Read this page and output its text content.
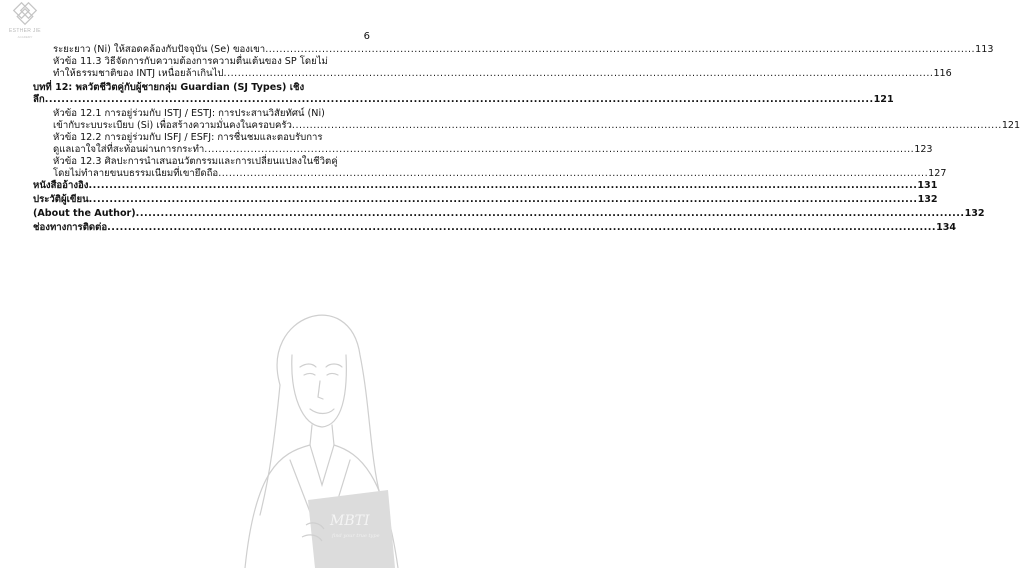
ESTHER JIE
ACADEMY	6
ระยะยาว (Ni) ให้สอดคล้องกับปัจจุบัน (Se) ของเขา ........................................................................................................................................................................................................ 113
หัวข้อ 11.3 วิธีจัดการกับความต้องการความตื่นเต้นของ SP โดยไม่
ทำให้ธรรมชาติของ INTJ เหนื่อยล้าเกินไป ........................................................................................................................................................................................................ 116
บทที่ 12: พลวัตชีวิตคู่กับผู้ชายกลุ่ม Guardian (SJ Types) เชิง
ลึก ........................................................................................................................................................................................................ 121
หัวข้อ 12.1 การอยู่ร่วมกับ ISTJ / ESTJ: การประสานวิสัยทัศน์ (Ni)
เข้ากับระบบระเบียบ (Si) เพื่อสร้างความมั่นคงในครอบครัว ........................................................................................................................................................................................................ 121
หัวข้อ 12.2 การอยู่ร่วมกับ ISFJ / ESFJ: การชื่นชมและตอบรับการ
ดูแลเอาใจใส่ที่สะท้อนผ่านการกระทำ ........................................................................................................................................................................................................ 123
หัวข้อ 12.3 ศิลปะการนำเสนอนวัตกรรมและการเปลี่ยนแปลงในชีวิตคู่
โดยไม่ทำลายขนบธรรมเนียมที่เขายึดถือ ........................................................................................................................................................................................................ 127
หนังสืออ้างอิง ........................................................................................................................................................................................................ 131
ประวัติผู้เขียน ........................................................................................................................................................................................................ 132
(About the Author) ........................................................................................................................................................................................................ 132
ช่องทางการติดต่อ ........................................................................................................................................................................................................ 134
MBTI
find your true type
